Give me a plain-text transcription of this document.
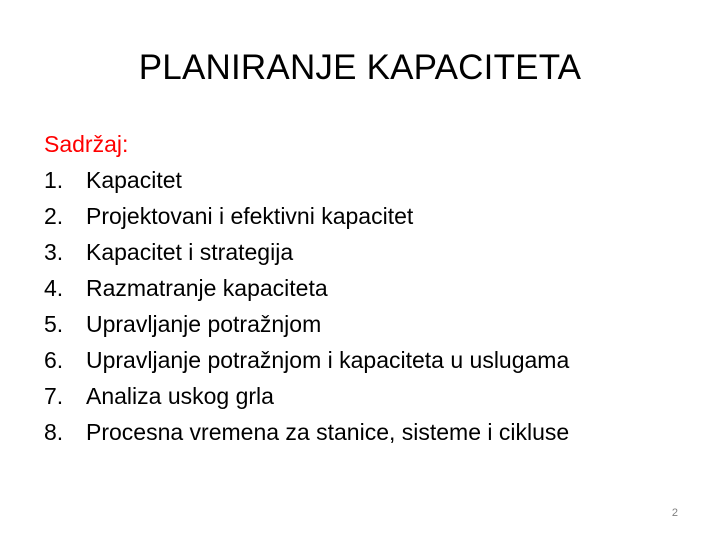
PLANIRANJE KAPACITETA
Sadržaj:
1. Kapacitet
2. Projektovani i efektivni kapacitet
3. Kapacitet i strategija
4. Razmatranje kapaciteta
5. Upravljanje potražnjom
6. Upravljanje potražnjom i kapaciteta u uslugama
7. Analiza uskog grla
8. Procesna vremena za stanice, sisteme i cikluse
2
